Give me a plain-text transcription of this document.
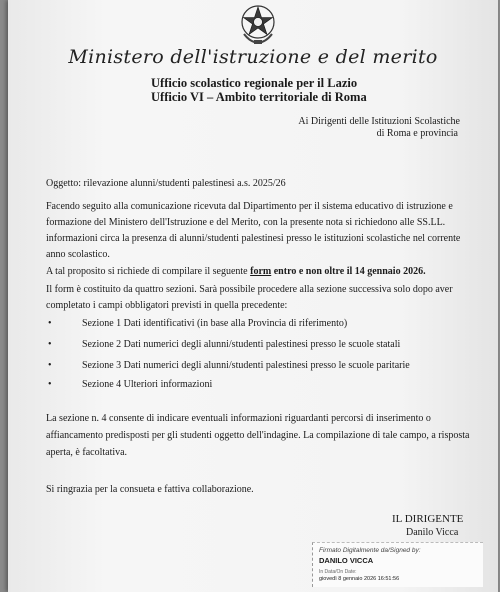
Ministero dell'istruzione e del merito
Ufficio scolastico regionale per il Lazio
Ufficio VI – Ambito territoriale di Roma
Ai Dirigenti delle Istituzioni Scolastiche
di Roma e provincia
Oggetto: rilevazione alunni/studenti palestinesi a.s. 2025/26
Facendo seguito alla comunicazione ricevuta dal Dipartimento per il sistema educativo di istruzione e
formazione del Ministero dell'Istruzione e del Merito, con la presente nota si richiedono alle SS.LL.
informazioni circa la presenza di alunni/studenti palestinesi presso le istituzioni scolastiche nel corrente
anno scolastico.
A tal proposito si richiede di compilare il seguente form entro e non oltre il 14 gennaio 2026.
Il form è costituito da quattro sezioni. Sarà possibile procedere alla sezione successiva solo dopo aver
completato i campi obbligatori previsti in quella precedente:
•	Sezione 1 Dati identificativi (in base alla Provincia di riferimento)
•	Sezione 2 Dati numerici degli alunni/studenti palestinesi presso le scuole statali
•	Sezione 3 Dati numerici degli alunni/studenti palestinesi presso le scuole paritarie
•	Sezione 4 Ulteriori informazioni
La sezione n. 4 consente di indicare eventuali informazioni riguardanti percorsi di inserimento o
affiancamento predisposti per gli studenti oggetto dell'indagine. La compilazione di tale campo, a risposta
aperta, è facoltativa.
Si ringrazia per la consueta e fattiva collaborazione.
IL DIRIGENTE
Danilo Vicca
Firmato Digitalmente da/Signed by:
DANILO VICCA
In Data/On Date:
giovedì 8 gennaio 2026 16:51:56
